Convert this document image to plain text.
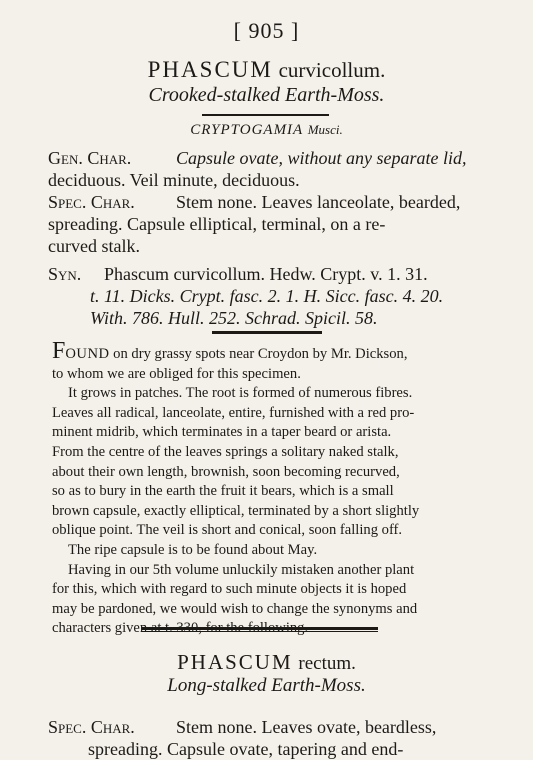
[ 905 ]
PHASCUM curvicollum.
Crooked-stalked Earth-Moss.
CRYPTOGAMIA Musci.
Gen. Char. Capsule ovate, without any separate lid,
deciduous. Veil minute, deciduous.
Spec. Char. Stem none. Leaves lanceolate, bearded,
spreading. Capsule elliptical, terminal, on a re-
curved stalk.
Syn. Phascum curvicollum. Hedw. Crypt. v. 1. 31.
t. 11. Dicks. Crypt. fasc. 2. 1. H. Sicc. fasc. 4. 20.
With. 786. Hull. 252. Schrad. Spicil. 58.
FOUND on dry grassy spots near Croydon by Mr. Dickson,
to whom we are obliged for this specimen.
It grows in patches. The root is formed of numerous fibres.
Leaves all radical, lanceolate, entire, furnished with a red pro-
minent midrib, which terminates in a taper beard or arista.
From the centre of the leaves springs a solitary naked stalk,
about their own length, brownish, soon becoming recurved,
so as to bury in the earth the fruit it bears, which is a small
brown capsule, exactly elliptical, terminated by a short slightly
oblique point. The veil is short and conical, soon falling off.
The ripe capsule is to be found about May.
Having in our 5th volume unluckily mistaken another plant
for this, which with regard to such minute objects it is hoped
may be pardoned, we would wish to change the synonyms and
characters given at t. 330, for the following.
PHASCUM rectum.
Long-stalked Earth-Moss.
Spec. Char. Stem none. Leaves ovate, beardless,
spreading. Capsule ovate, tapering and end-
